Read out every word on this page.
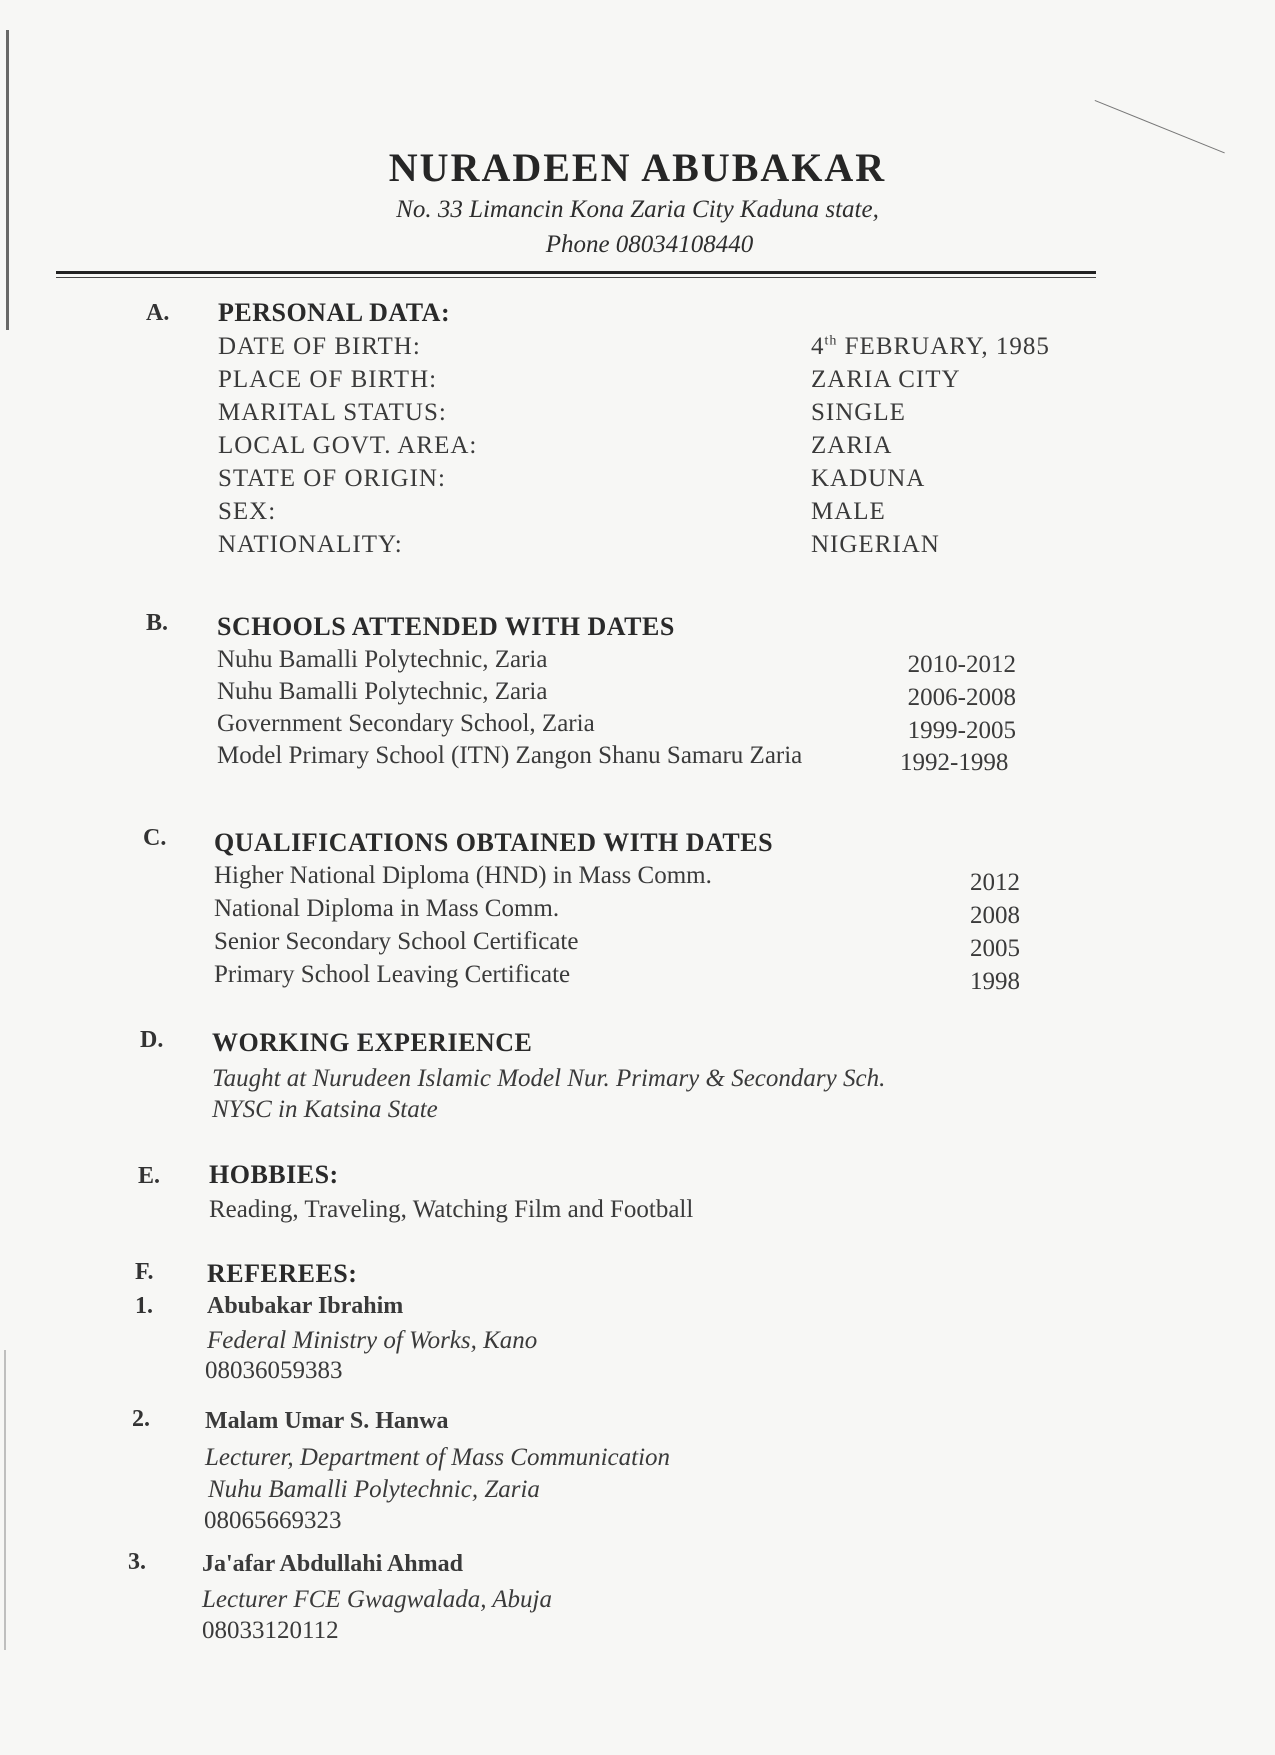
NURADEEN ABUBAKAR
No. 33 Limancin Kona Zaria City Kaduna state,
Phone 08034108440
A. PERSONAL DATA:
DATE OF BIRTH:	4th FEBRUARY, 1985
PLACE OF BIRTH:	ZARIA CITY
MARITAL STATUS:	SINGLE
LOCAL GOVT. AREA:	ZARIA
STATE OF ORIGIN:	KADUNA
SEX:	MALE
NATIONALITY:	NIGERIAN
B. SCHOOLS ATTENDED WITH DATES
Nuhu Bamalli Polytechnic, Zaria	2010-2012
Nuhu Bamalli Polytechnic, Zaria	2006-2008
Government Secondary School, Zaria	1999-2005
Model Primary School (ITN) Zangon Shanu Samaru Zaria	1992-1998
C. QUALIFICATIONS OBTAINED WITH DATES
Higher National Diploma (HND) in Mass Comm.	2012
National Diploma in Mass Comm.	2008
Senior Secondary School Certificate	2005
Primary School Leaving Certificate	1998
D. WORKING EXPERIENCE
Taught at Nurudeen Islamic Model Nur. Primary & Secondary Sch.
NYSC in Katsina State
E. HOBBIES:
Reading, Traveling, Watching Film and Football
F. REFEREES:
1. Abubakar Ibrahim
Federal Ministry of Works, Kano
08036059383
2. Malam Umar S. Hanwa
Lecturer, Department of Mass Communication
Nuhu Bamalli Polytechnic, Zaria
08065669323
3. Ja'afar Abdullahi Ahmad
Lecturer FCE Gwagwalada, Abuja
08033120112
